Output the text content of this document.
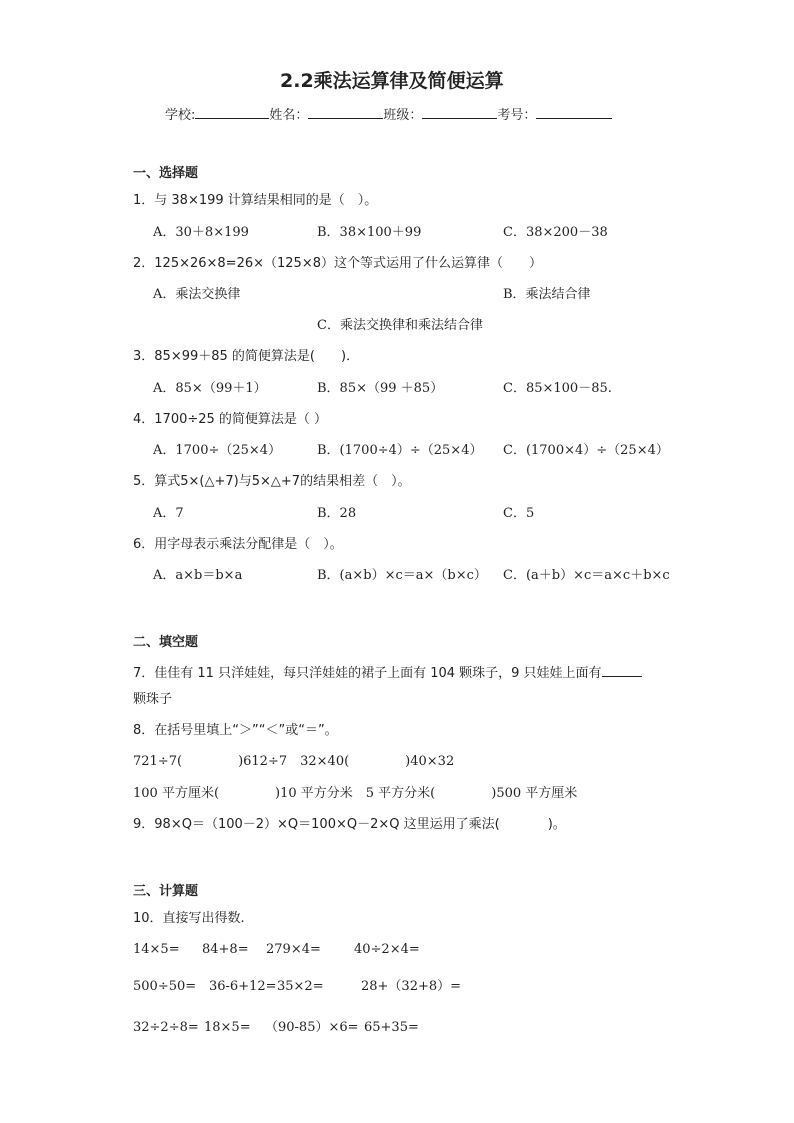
2.2乘法运算律及简便运算
学校:	姓名：	班级：	考号：
一、选择题
1．与 38×199 计算结果相同的是（　）。
A．30＋8×199	B．38×100＋99	C．38×200－38
2．125×26×8=26×（125×8）这个等式运用了什么运算律（　　）
A．乘法交换律	B．乘法结合律
C．乘法交换律和乘法结合律
3．85×99＋85 的简便算法是(　　)．
A．85×（99＋1）	B．85×（99 ＋85）	C．85×100－85.
4．1700÷25 的简便算法是（ ）
A．1700÷（25×4）	B．(1700÷4）÷（25×4） C．(1700×4）÷（25×4）
5．算式5×(△+7)与5×△+7的结果相差（　）。
A．7	B．28	C．5
6．用字母表示乘法分配律是（　）。
A．a×b＝b×a	B．(a×b）×c＝a×（b×c） C．(a＋b）×c＝a×c＋b×c
二、填空题
7．佳佳有 11 只洋娃娃，每只洋娃娃的裙子上面有 104 颗珠子，9 只娃娃上面有
颗珠子
8．在括号里填上“＞”“＜”或“＝”。
721÷7(	)612÷7　32×40(	)40×32
100 平方厘米(	)10 平方分米　5 平方分米(	)500 平方厘米
9．98×Q＝（100－2）×Q＝100×Q－2×Q 这里运用了乘法(	)。
三、计算题
10．直接写出得数.
14×5= 84+8= 279×4=	40÷2×4=
500÷50= 36-6+12= 35×2=	28+（32+8）=
32÷2÷8= 18×5= （90-85）×6= 65+35=
